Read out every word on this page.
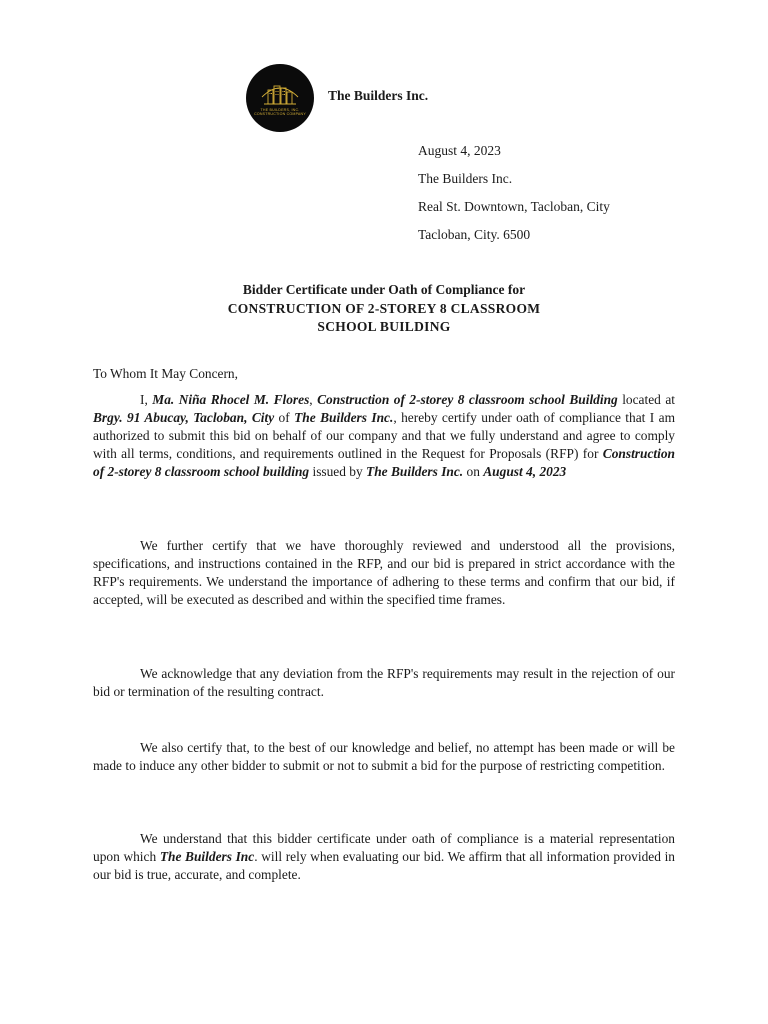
THE BUILDERS, INC.
CONSTRUCTION COMPANY
The Builders Inc.
August 4, 2023
The Builders Inc.
Real St. Downtown, Tacloban, City
Tacloban, City. 6500
Bidder Certificate under Oath of Compliance for
CONSTRUCTION OF 2-STOREY 8 CLASSROOM
SCHOOL BUILDING
To Whom It May Concern,

I, Ma. Niña Rhocel M. Flores, Construction of 2-storey 8 classroom school Building located at Brgy. 91 Abucay, Tacloban, City of The Builders Inc., hereby certify under oath of compliance that I am authorized to submit this bid on behalf of our company and that we fully understand and agree to comply with all terms, conditions, and requirements outlined in the Request for Proposals (RFP) for Construction of 2-storey 8 classroom school building issued by The Builders Inc. on August 4, 2023

We further certify that we have thoroughly reviewed and understood all the provisions, specifications, and instructions contained in the RFP, and our bid is prepared in strict accordance with the RFP's requirements. We understand the importance of adhering to these terms and confirm that our bid, if accepted, will be executed as described and within the specified time frames.

We acknowledge that any deviation from the RFP's requirements may result in the rejection of our bid or termination of the resulting contract.

We also certify that, to the best of our knowledge and belief, no attempt has been made or will be made to induce any other bidder to submit or not to submit a bid for the purpose of restricting competition.

We understand that this bidder certificate under oath of compliance is a material representation upon which The Builders Inc. will rely when evaluating our bid. We affirm that all information provided in our bid is true, accurate, and complete.
